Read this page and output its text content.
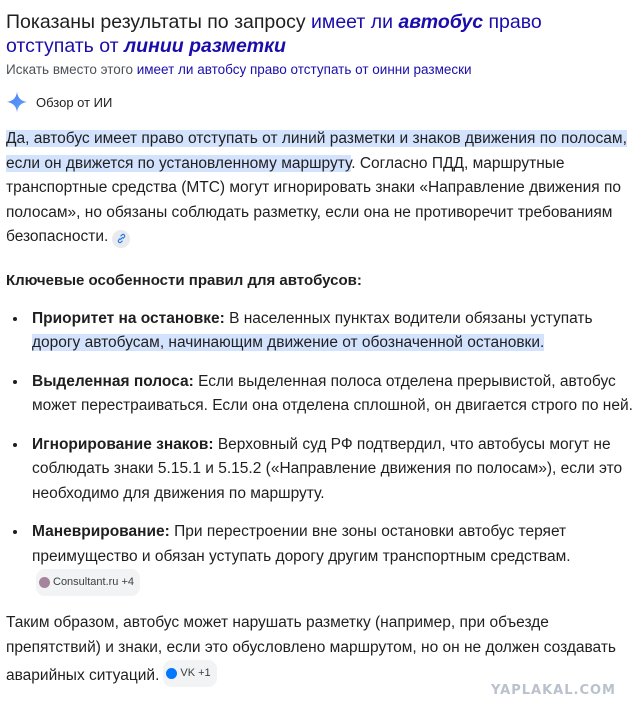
Показаны результаты по запросу имеет ли автобус право отступать от линии разметки
Искать вместо этого имеет ли автобсу право отступать от оинни размески
Обзор от ИИ
Да, автобус имеет право отступать от линий разметки и знаков движения по полосам, если он движется по установленному маршруту. Согласно ПДД, маршрутные транспортные средства (МТС) могут игнорировать знаки «Направление движения по полосам», но обязаны соблюдать разметку, если она не противоречит требованиям безопасности.
Ключевые особенности правил для автобусов:
• Приоритет на остановке: В населенных пунктах водители обязаны уступать дорогу автобусам, начинающим движение от обозначенной остановки.
• Выделенная полоса: Если выделенная полоса отделена прерывистой, автобус может перестраиваться. Если она отделена сплошной, он двигается строго по ней.
• Игнорирование знаков: Верховный суд РФ подтвердил, что автобусы могут не соблюдать знаки 5.15.1 и 5.15.2 («Направление движения по полосам»), если это необходимо для движения по маршруту.
• Маневрирование: При перестроении вне зоны остановки автобус теряет преимущество и обязан уступать дорогу другим транспортным средствам.
Consultant.ru +4
Таким образом, автобус может нарушать разметку (например, при объезде препятствий) и знаки, если это обусловлено маршрутом, но он не должен создавать аварийных ситуаций. VK +1
YAPLAKAL.COM
